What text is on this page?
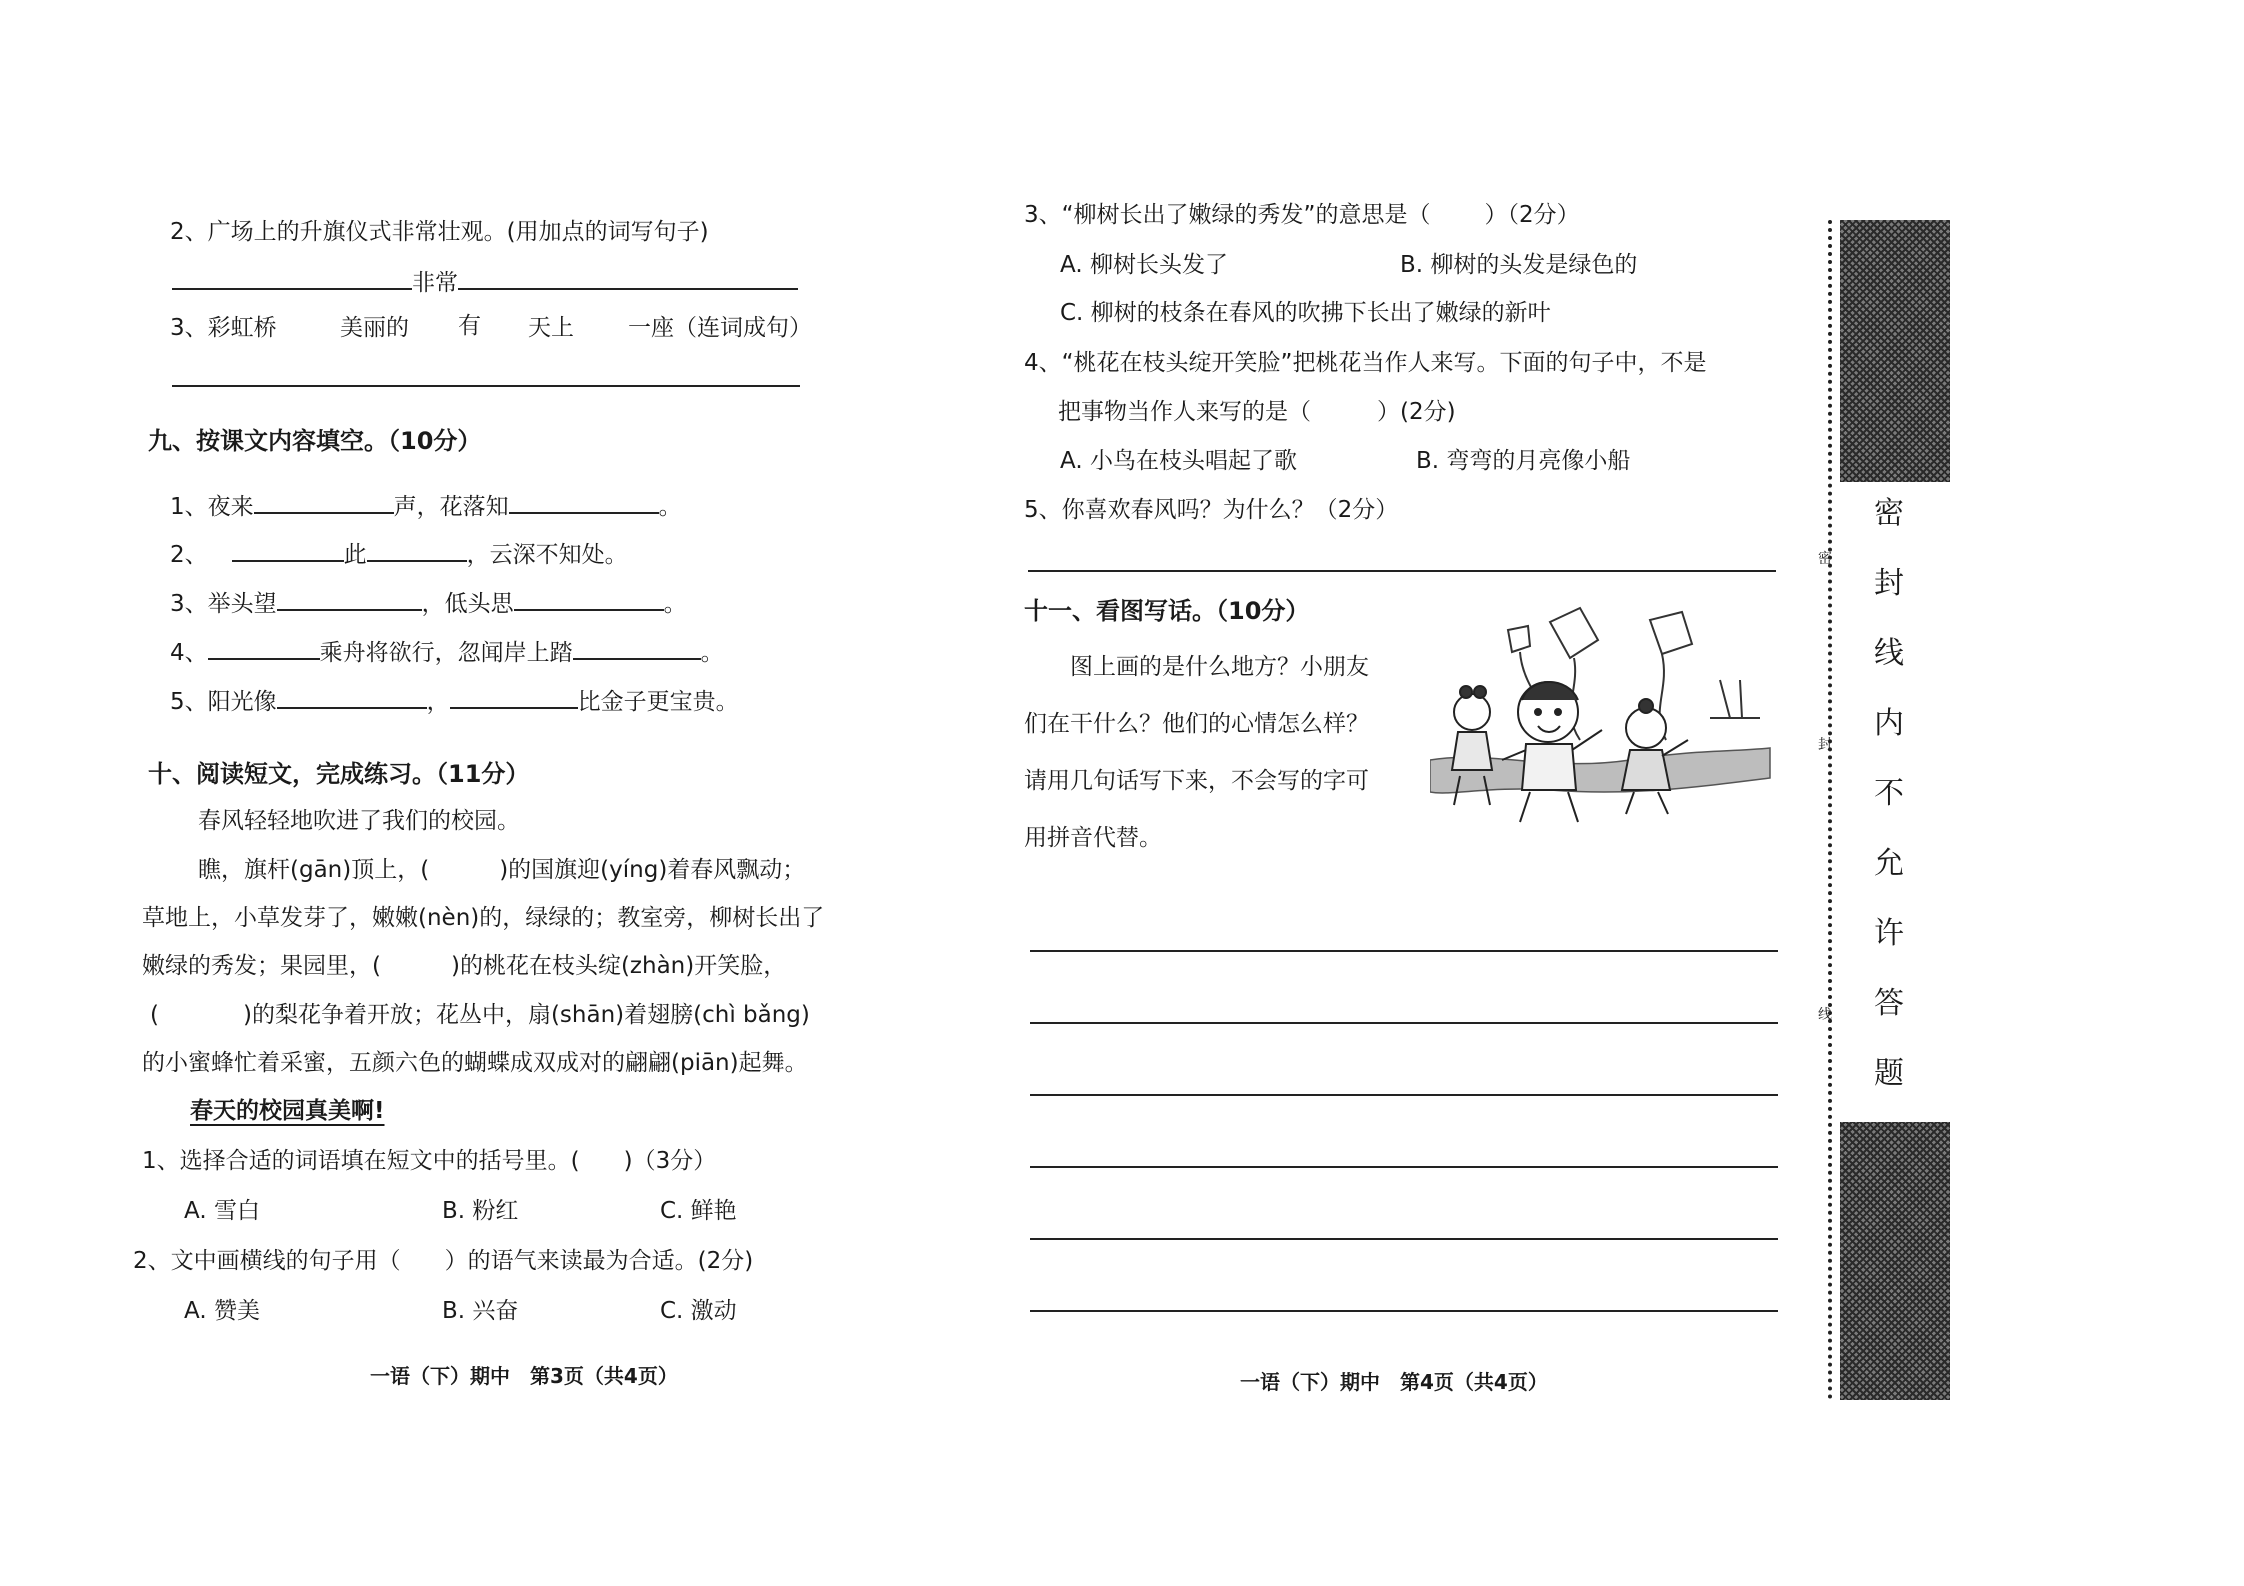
2、广场上的升旗仪式非常壮观。(用加点的词写句子)
非常
3、彩虹桥	美丽的 有 天上 一座（连词成句）
九、按课文内容填空。（10分）
1、夜来	声，花落知	。
2、	此	，云深不知处。
3、举头望	，低头思	。
4、	乘舟将欲行，忽闻岸上踏	。
5、阳光像	，	比金子更宝贵。
十、阅读短文，完成练习。（11分）
春风轻轻地吹进了我们的校园。
瞧，旗杆(gān)顶上，(	)的国旗迎(yíng)着春风飘动；
草地上，小草发芽了，嫩嫩(nèn)的，绿绿的；教室旁，柳树长出了
嫩绿的秀发；果园里，(	)的桃花在枝头绽(zhàn)开笑脸，
(	)的梨花争着开放；花丛中，扇(shān)着翅膀(chì bǎng)
的小蜜蜂忙着采蜜，五颜六色的蝴蝶成双成对的翩翩(piān)起舞。
春天的校园真美啊!
1、选择合适的词语填在短文中的括号里。( )（3分）
A. 雪白	B. 粉红	C. 鲜艳
2、文中画横线的句子用（ ）的语气来读最为合适。(2分)
A. 赞美	B. 兴奋	C. 激动
一语（下）期中　第3页（共4页）
3、“柳树长出了嫩绿的秀发”的意思是（ ）（2分）
A. 柳树长头发了	B. 柳树的头发是绿色的
C. 柳树的枝条在春风的吹拂下长出了嫩绿的新叶
4、“桃花在枝头绽开笑脸”把桃花当作人来写。下面的句子中，不是
把事物当作人来写的是（	）(2分)
A. 小鸟在枝头唱起了歌	B. 弯弯的月亮像小船
5、你喜欢春风吗？为什么？（2分）
十一、看图写话。（10分）
图上画的是什么地方？小朋友
们在干什么？他们的心情怎么样？
请用几句话写下来，不会写的字可
用拼音代替。
一语（下）期中　第4页（共4页）
密
封
线
密
封
线
内
不
允
许
答
题
